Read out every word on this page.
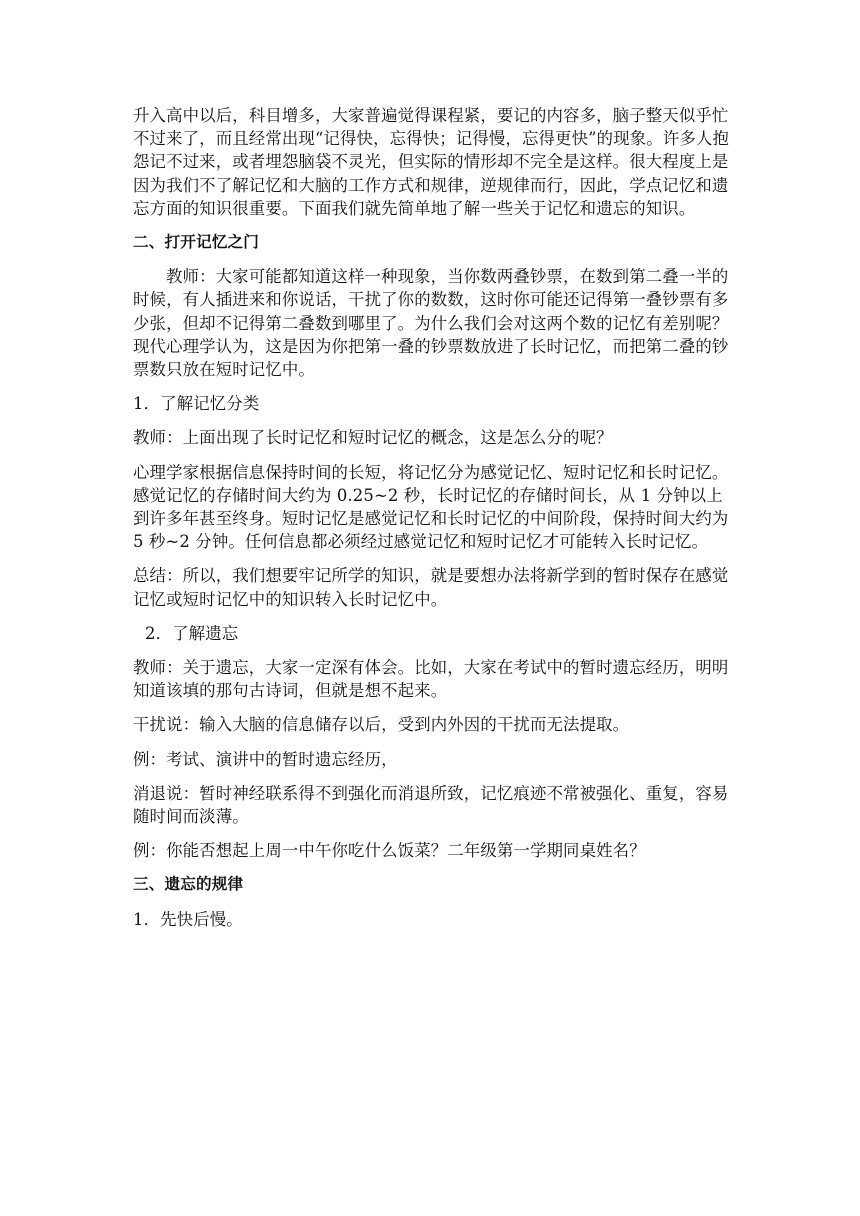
升入高中以后，科目增多，大家普遍觉得课程紧，要记的内容多，脑子整天似乎忙不过来了，而且经常出现“记得快，忘得快；记得慢，忘得更快”的现象。许多人抱怨记不过来，或者埋怨脑袋不灵光，但实际的情形却不完全是这样。很大程度上是因为我们不了解记忆和大脑的工作方式和规律，逆规律而行，因此，学点记忆和遗忘方面的知识很重要。下面我们就先简单地了解一些关于记忆和遗忘的知识。

二、打开记忆之门

教师：大家可能都知道这样一种现象，当你数两叠钞票，在数到第二叠一半的时候，有人插进来和你说话，干扰了你的数数，这时你可能还记得第一叠钞票有多少张，但却不记得第二叠数到哪里了。为什么我们会对这两个数的记忆有差别呢？现代心理学认为，这是因为你把第一叠的钞票数放进了长时记忆，而把第二叠的钞票数只放在短时记忆中。

1．了解记忆分类

教师：上面出现了长时记忆和短时记忆的概念，这是怎么分的呢？

心理学家根据信息保持时间的长短，将记忆分为感觉记忆、短时记忆和长时记忆。感觉记忆的存储时间大约为 0.25~2 秒，长时记忆的存储时间长，从 1 分钟以上到许多年甚至终身。短时记忆是感觉记忆和长时记忆的中间阶段，保持时间大约为 5 秒~2 分钟。任何信息都必须经过感觉记忆和短时记忆才可能转入长时记忆。

总结：所以，我们想要牢记所学的知识，就是要想办法将新学到的暂时保存在感觉记忆或短时记忆中的知识转入长时记忆中。

2．了解遗忘

教师：关于遗忘，大家一定深有体会。比如，大家在考试中的暂时遗忘经历，明明知道该填的那句古诗词，但就是想不起来。

干扰说：输入大脑的信息储存以后，受到内外因的干扰而无法提取。

例：考试、演讲中的暂时遗忘经历，

消退说：暂时神经联系得不到强化而消退所致，记忆痕迹不常被强化、重复，容易随时间而淡薄。

例：你能否想起上周一中午你吃什么饭菜？二年级第一学期同桌姓名？

三、遗忘的规律

1．先快后慢。
